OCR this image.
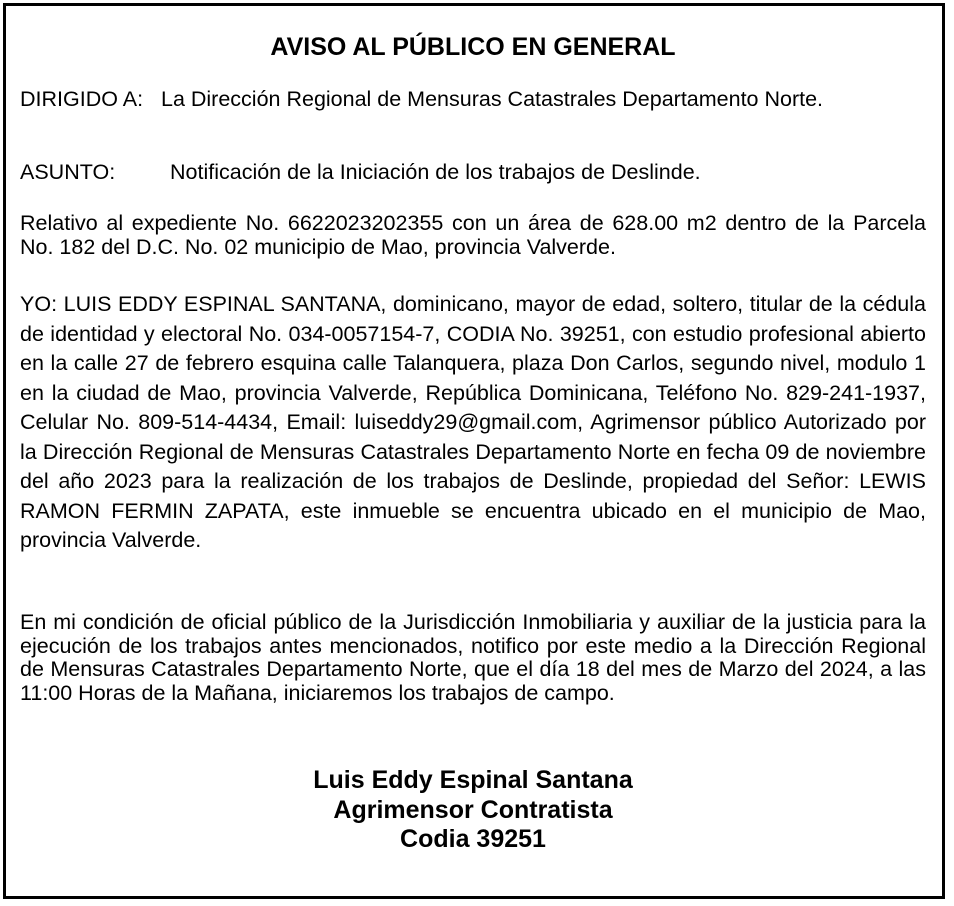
AVISO AL PÚBLICO EN GENERAL

DIRIGIDO A: La Dirección Regional de Mensuras Catastrales Departamento Norte.

ASUNTO:	Notificación de la Iniciación de los trabajos de Deslinde.

Relativo al expediente No. 6622023202355 con un área de 628.00 m2 dentro de la Parcela No. 182 del D.C. No. 02 municipio de Mao, provincia Valverde.

YO: LUIS EDDY ESPINAL SANTANA, dominicano, mayor de edad, soltero, titular de la cédula de identidad y electoral No. 034-0057154-7, CODIA No. 39251, con estudio profesional abierto en la calle 27 de febrero esquina calle Talanquera, plaza Don Carlos, segundo nivel, modulo 1 en la ciudad de Mao, provincia Valverde, República Dominicana, Teléfono No. 829-241-1937, Celular No. 809-514-4434, Email: luiseddy29@gmail.com, Agrimensor público Autorizado por la Dirección Regional de Mensuras Catastrales Departamento Norte en fecha 09 de noviembre del año 2023 para la realización de los trabajos de Deslinde, propiedad del Señor: LEWIS RAMON FERMIN ZAPATA, este inmueble se encuentra ubicado en el municipio de Mao, provincia Valverde.

En mi condición de oficial público de la Jurisdicción Inmobiliaria y auxiliar de la justicia para la ejecución de los trabajos antes mencionados, notifico por este medio a la Dirección Regional de Mensuras Catastrales Departamento Norte, que el día 18 del mes de Marzo del 2024, a las 11:00 Horas de la Mañana, iniciaremos los trabajos de campo.

Luis Eddy Espinal Santana
Agrimensor Contratista
Codia 39251
